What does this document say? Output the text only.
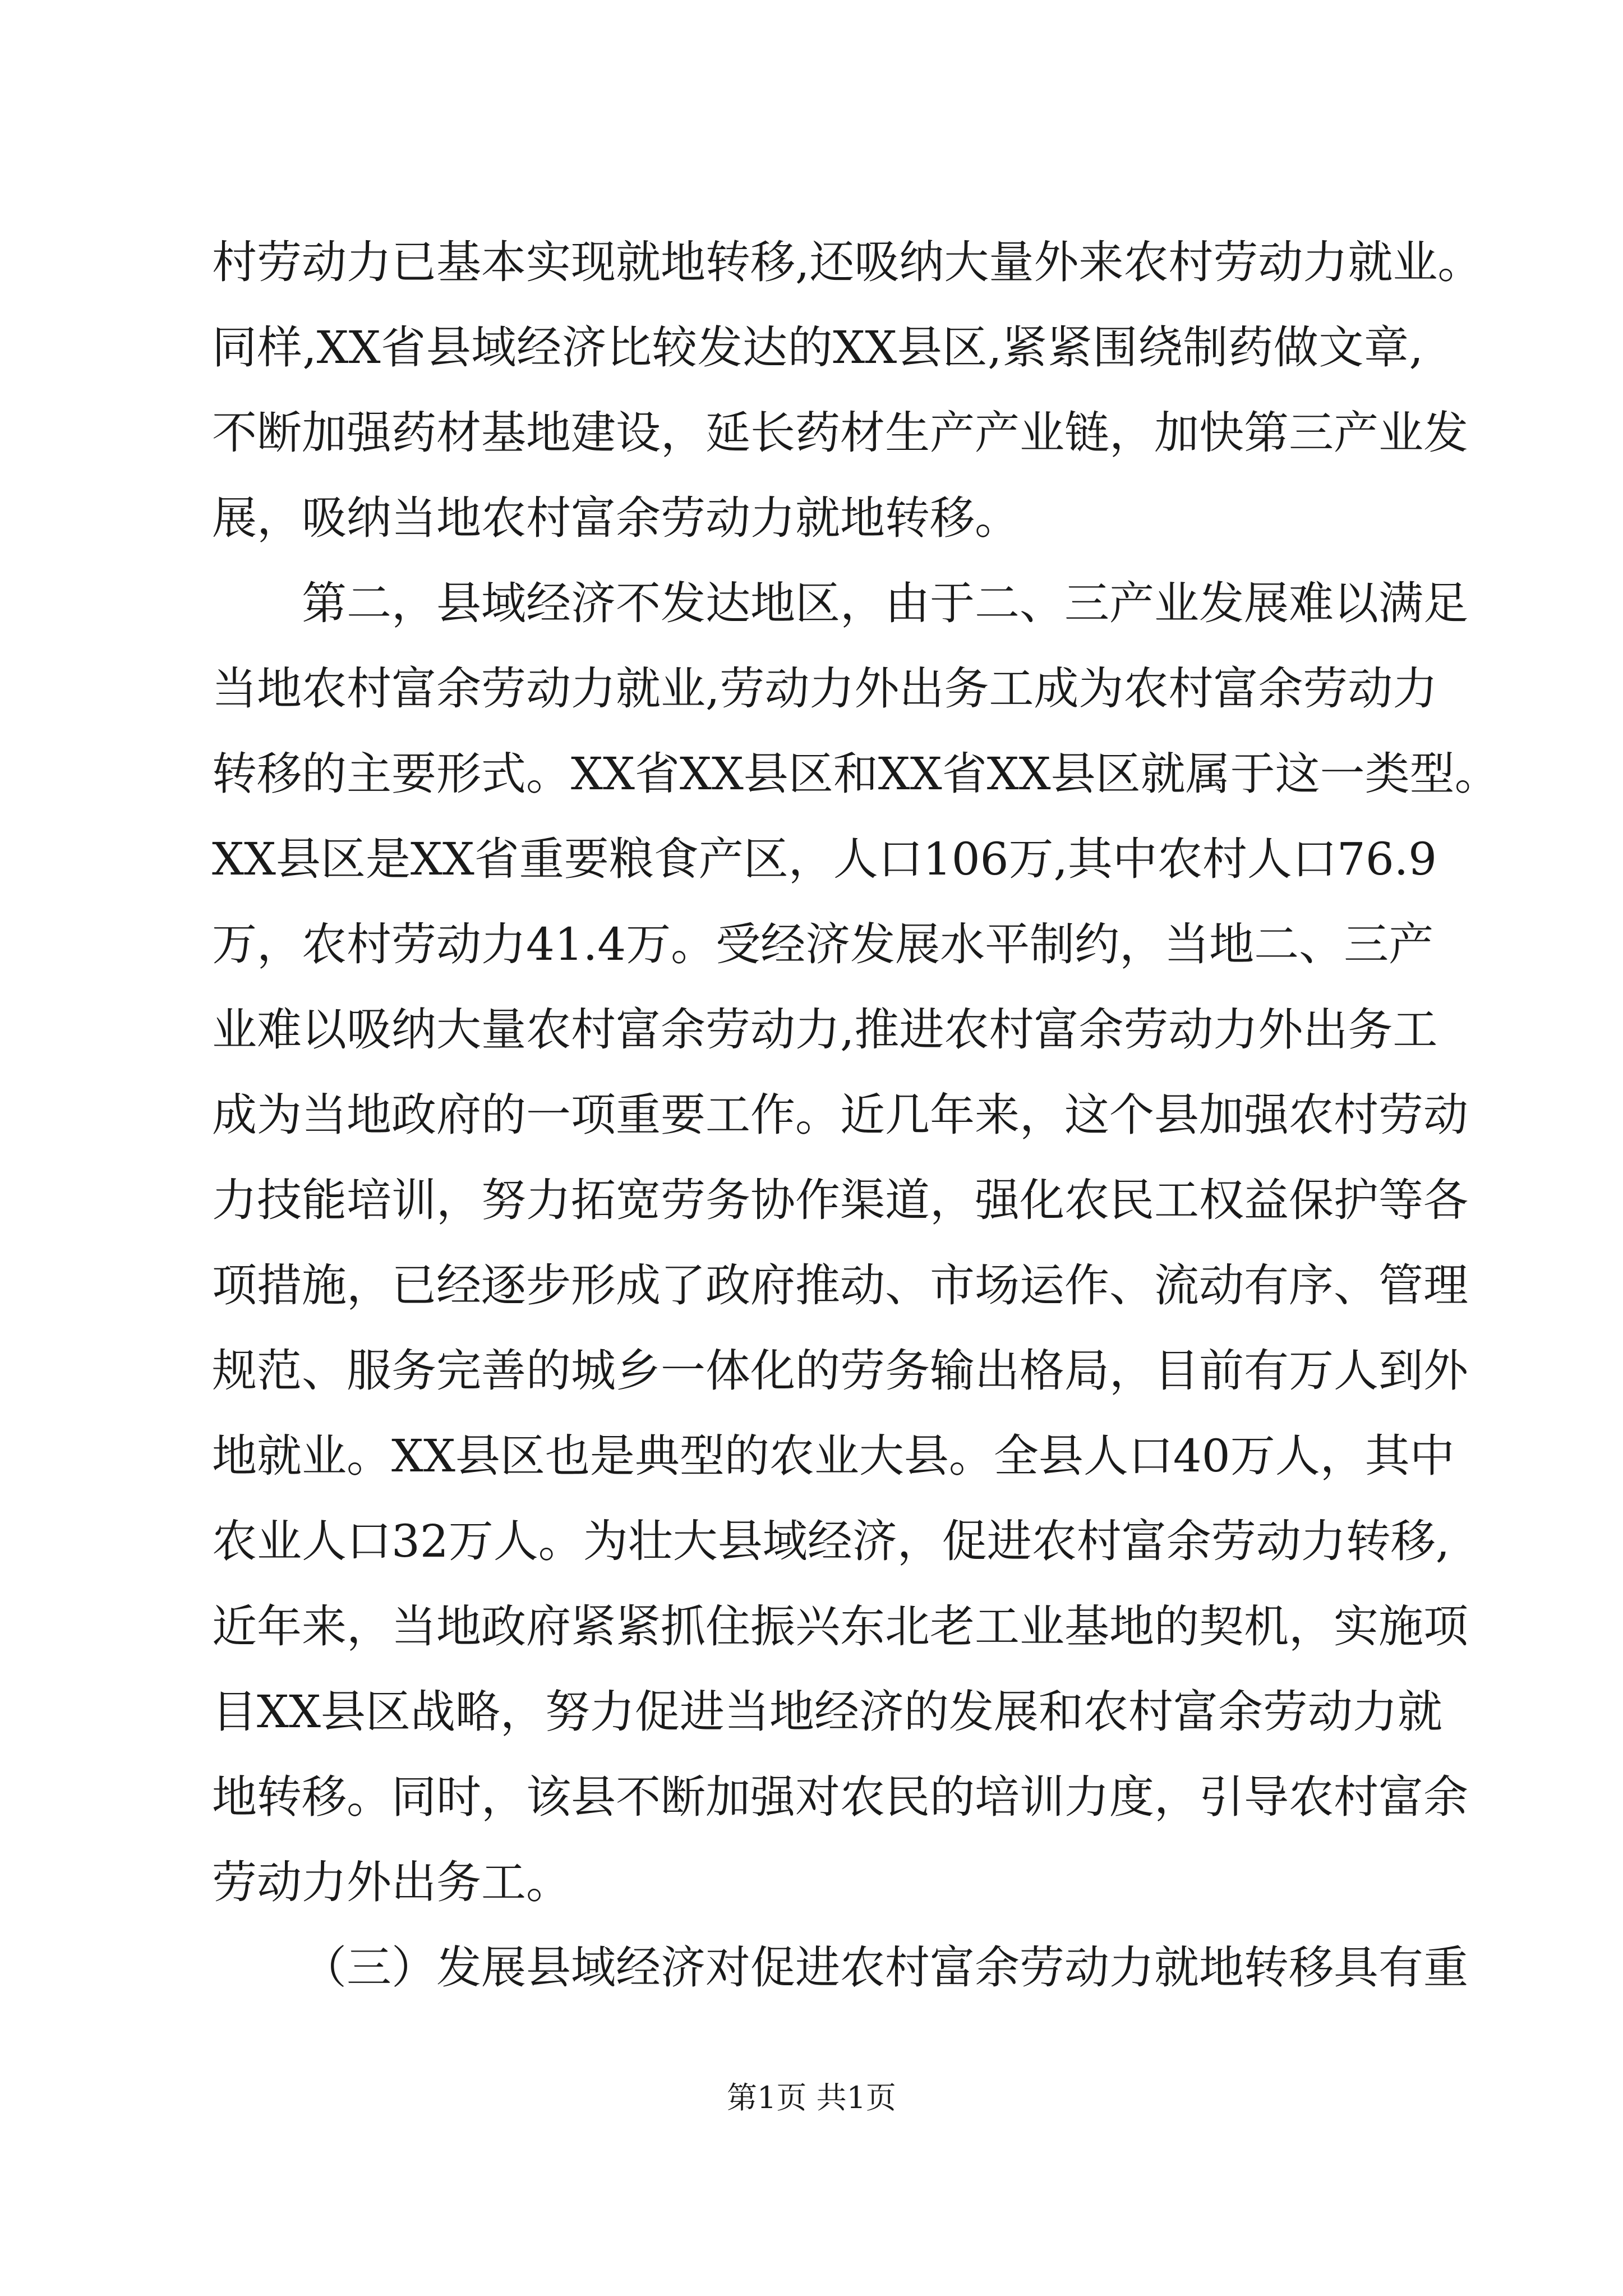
村劳动力已基本实现就地转移,还吸纳大量外来农村劳动力就业。
同样,XX省县域经济比较发达的XX县区,紧紧围绕制药做文章,
不断加强药材基地建设，延长药材生产产业链，加快第三产业发
展，吸纳当地农村富余劳动力就地转移。
第二，县域经济不发达地区，由于二、三产业发展难以满足
当地农村富余劳动力就业,劳动力外出务工成为农村富余劳动力
转移的主要形式。XX省XX县区和XX省XX县区就属于这一类型。
XX县区是XX省重要粮食产区，人口106万,其中农村人口76.9
万，农村劳动力41.4万。受经济发展水平制约，当地二、三产
业难以吸纳大量农村富余劳动力,推进农村富余劳动力外出务工
成为当地政府的一项重要工作。近几年来，这个县加强农村劳动
力技能培训，努力拓宽劳务协作渠道，强化农民工权益保护等各
项措施，已经逐步形成了政府推动、市场运作、流动有序、管理
规范、服务完善的城乡一体化的劳务输出格局，目前有万人到外
地就业。XX县区也是典型的农业大县。全县人口40万人，其中
农业人口32万人。为壮大县域经济，促进农村富余劳动力转移,
近年来，当地政府紧紧抓住振兴东北老工业基地的契机，实施项
目XX县区战略，努力促进当地经济的发展和农村富余劳动力就
地转移。同时，该县不断加强对农民的培训力度，引导农村富余
劳动力外出务工。
（三）发展县域经济对促进农村富余劳动力就地转移具有重
第1页 共1页
